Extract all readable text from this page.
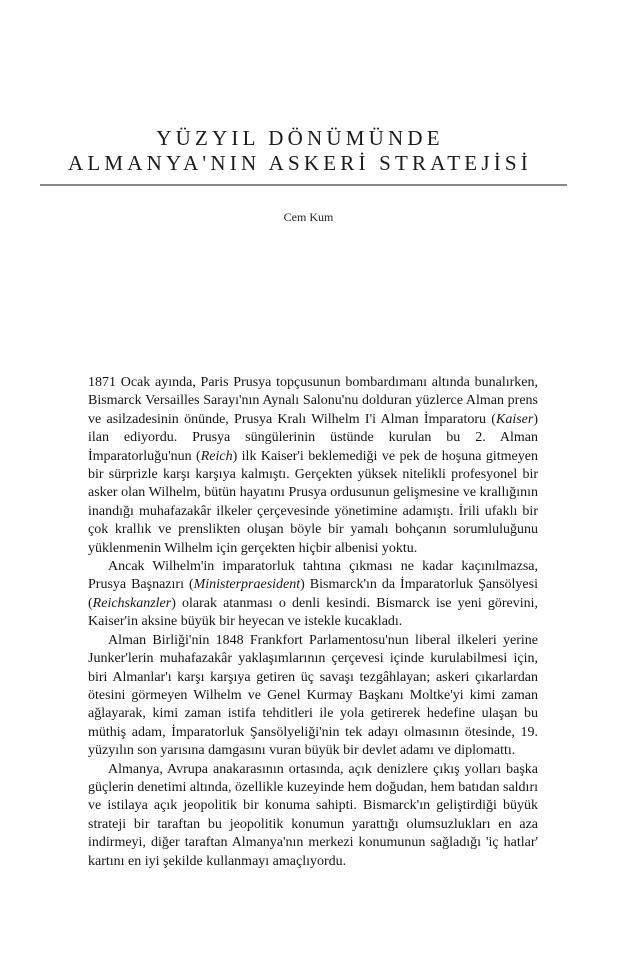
YÜZYIL DÖNÜMÜNDE
ALMANYA'NIN ASKERİ STRATEJİSİ
Cem Kum

1871 Ocak ayında, Paris Prusya topçusunun bombardımanı altında bunalırken, Bismarck Versailles Sarayı'nın Aynalı Salonu'nu dolduran yüzlerce Alman prens ve asilzadesinin önünde, Prusya Kralı Wilhelm I'i Alman İmparatoru (Kaiser) ilan ediyordu. Prusya süngülerinin üstünde kurulan bu 2. Alman İmparatorluğu'nun (Reich) ilk Kaiser'i beklemediği ve pek de hoşuna gitmeyen bir sürprizle karşı karşıya kalmıştı. Gerçekten yüksek nitelikli profesyonel bir asker olan Wilhelm, bütün hayatını Prusya ordusunun gelişmesine ve krallığının inandığı muhafazakâr ilkeler çerçevesinde yönetimine adamıştı. İrili ufaklı bir çok krallık ve prenslikten oluşan böyle bir yamalı bohçanın sorumluluğunu yüklenmenin Wilhelm için gerçekten hiçbir albenisi yoktu.

Ancak Wilhelm'in imparatorluk tahtına çıkması ne kadar kaçınılmazsa, Prusya Başnazırı (Ministerpraesident) Bismarck'ın da İmparatorluk Şansölyesi (Reichskanzler) olarak atanması o denli kesindi. Bismarck ise yeni görevini, Kaiser'in aksine büyük bir heyecan ve istekle kucakladı.

Alman Birliği'nin 1848 Frankfort Parlamentosu'nun liberal ilkeleri yerine Junker'lerin muhafazakâr yaklaşımlarının çerçevesi içinde kurulabilmesi için, biri Almanlar'ı karşı karşıya getiren üç savaşı tezgâhlayan; askeri çıkarlardan ötesini görmeyen Wilhelm ve Genel Kurmay Başkanı Moltke'yi kimi zaman ağlayarak, kimi zaman istifa tehditleri ile yola getirerek hedefine ulaşan bu müthiş adam, İmparatorluk Şansölyeliği'nin tek adayı olmasının ötesinde, 19. yüzyılın son yarısına damgasını vuran büyük bir devlet adamı ve diplomattı.

Almanya, Avrupa anakarasının ortasında, açık denizlere çıkış yolları başka güçlerin denetimi altında, özellikle kuzeyinde hem doğudan, hem batıdan saldırı ve istilaya açık jeopolitik bir konuma sahipti. Bismarck'ın geliştirdiği büyük strateji bir taraftan bu jeopolitik konumun yarattığı olumsuzlukları en aza indirmeyi, diğer taraftan Almanya'nın merkezi konumunun sağladığı 'iç hatlar' kartını en iyi şekilde kullanmayı amaçlıyordu.
